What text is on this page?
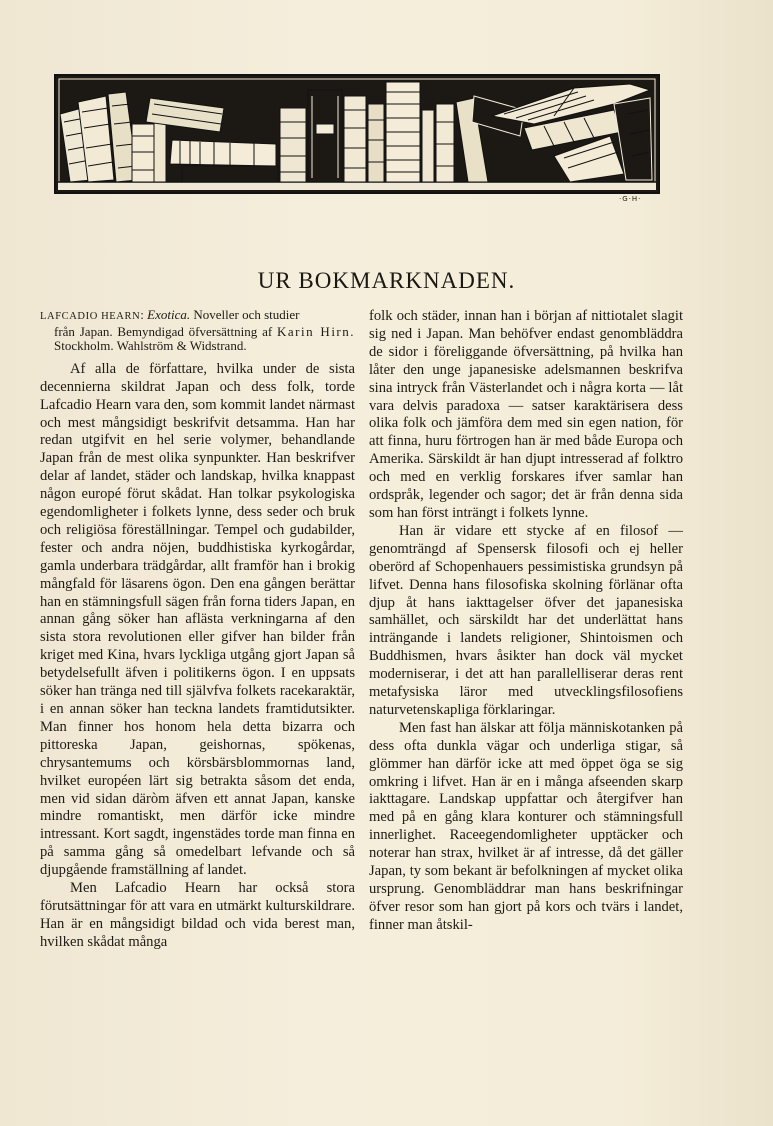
·G·H·
UR BOKMARKNADEN.

LAFCADIO HEARN: Exotica. Noveller och studier
från Japan. Bemyndigad öfversättning af Karin Hirn. Stockholm. Wahlström & Widstrand.

Af alla de författare, hvilka under de sista decennierna skildrat Japan och dess folk, torde Lafcadio Hearn vara den, som kommit landet närmast och mest mångsidigt beskrifvit detsamma. Han har redan utgifvit en hel serie volymer, behandlande Japan från de mest olika synpunkter. Han beskrifver delar af landet, städer och landskap, hvilka knappast någon europé förut skådat. Han tolkar psykologiska egendomligheter i folkets lynne, dess seder och bruk och religiösa föreställningar. Tempel och gudabilder, fester och andra nöjen, buddhistiska kyrkogårdar, gamla underbara trädgårdar, allt framför han i brokig mångfald för läsarens ögon. Den ena gången berättar han en stämningsfull sägen från forna tiders Japan, en annan gång söker han aflästa verkningarna af den sista stora revolutionen eller gifver han bilder från kriget med Kina, hvars lyckliga utgång gjort Japan så betydelsefullt äfven i politikerns ögon. I en uppsats söker han tränga ned till självfva folkets racekaraktär, i en annan söker han teckna landets framtidutsikter. Man finner hos honom hela detta bizarra och pittoreska Japan, geishornas, spökenas, chrysantemums och körsbärsblommornas land, hvilket européen lärt sig betrakta såsom det enda, men vid sidan däròm äfven ett annat Japan, kanske mindre romantiskt, men därför icke mindre intressant. Kort sagdt, ingenstädes torde man finna en på samma gång så omedelbart lefvande och så djupgående framställning af landet.

Men Lafcadio Hearn har också stora förutsättningar för att vara en utmärkt kulturskildrare. Han är en mångsidigt bildad och vida berest man, hvilken skådat många

folk och städer, innan han i början af nittiotalet slagit sig ned i Japan. Man behöfver endast genombläddra de sidor i föreliggande öfversättning, på hvilka han låter den unge japanesiske adelsmannen beskrifva sina intryck från Västerlandet och i några korta — låt vara delvis paradoxa — satser karaktärisera dess olika folk och jämföra dem med sin egen nation, för att finna, huru förtrogen han är med både Europa och Amerika. Särskildt är han djupt intresserad af folktro och med en verklig forskares ifver samlar han ordspråk, legender och sagor; det är från denna sida som han först inträngt i folkets lynne.

Han är vidare ett stycke af en filosof — genomträngd af Spensersk filosofi och ej heller oberörd af Schopenhauers pessimistiska grundsyn på lifvet. Denna hans filosofiska skolning förlänar ofta djup åt hans iakttagelser öfver det japanesiska samhället, och särskildt har det underlättat hans inträngande i landets religioner, Shintoismen och Buddhismen, hvars åsikter han dock väl mycket moderniserar, i det att han parallelliserar deras rent metafysiska läror med utvecklingsfilosofiens naturvetenskapliga förklaringar.

Men fast han älskar att följa människotanken på dess ofta dunkla vägar och underliga stigar, så glömmer han därför icke att med öppet öga se sig omkring i lifvet. Han är en i många afseenden skarp iakttagare. Landskap uppfattar och återgifver han med på en gång klara konturer och stämningsfull innerlighet. Raceegendomligheter upptäcker och noterar han strax, hvilket är af intresse, då det gäller Japan, ty som bekant är befolkningen af mycket olika ursprung. Genombläddrar man hans beskrifningar öfver resor som han gjort på kors och tvärs i landet, finner man åtskil-
